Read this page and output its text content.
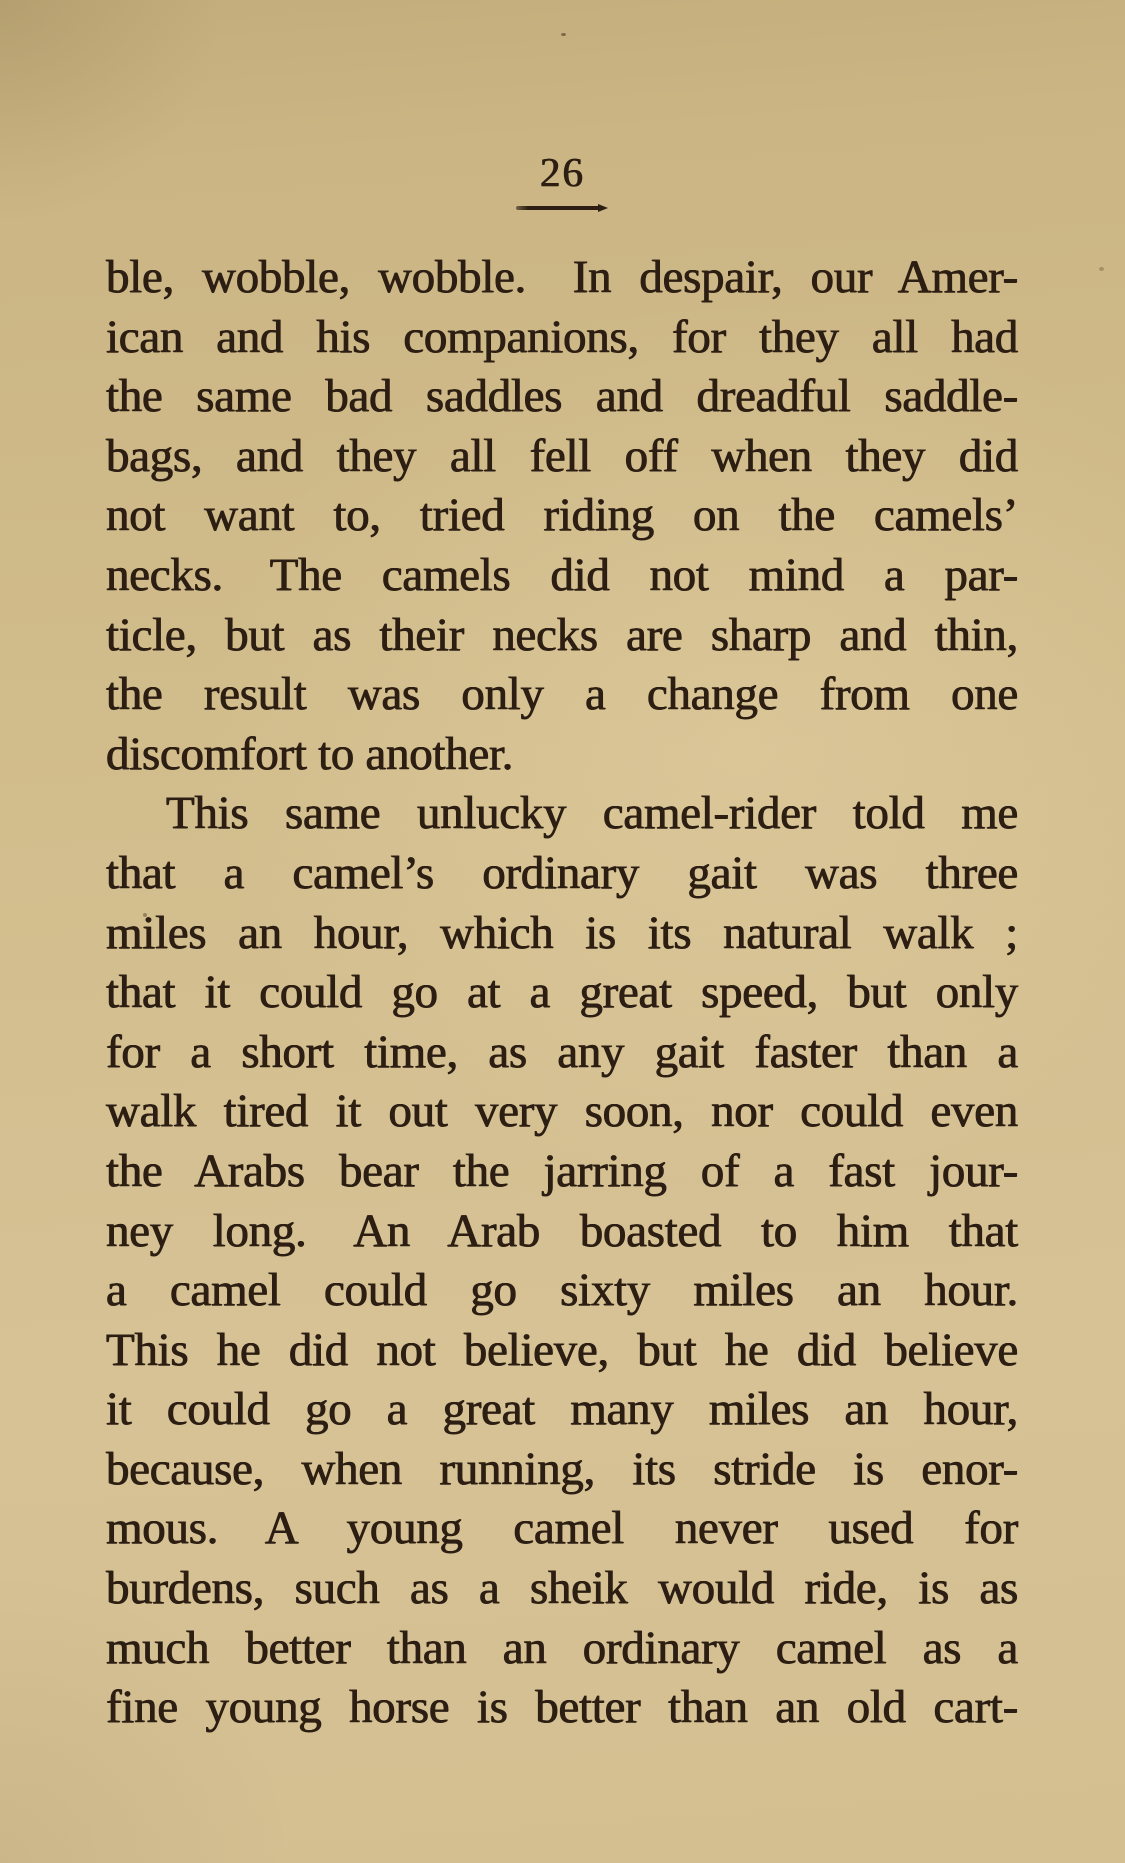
26
ble, wobble, wobble. In despair, our Amer-
ican and his companions, for they all had
the same bad saddles and dreadful saddle-
bags, and they all fell off when they did
not want to, tried riding on the camels’
necks. The camels did not mind a par-
ticle, but as their necks are sharp and thin,
the result was only a change from one
discomfort to another.
This same unlucky camel-rider told me
that a camel’s ordinary gait was three
miles an hour, which is its natural walk ;
that it could go at a great speed, but only
for a short time, as any gait faster than a
walk tired it out very soon, nor could even
the Arabs bear the jarring of a fast jour-
ney long. An Arab boasted to him that
a camel could go sixty miles an hour.
This he did not believe, but he did believe
it could go a great many miles an hour,
because, when running, its stride is enor-
mous. A young camel never used for
burdens, such as a sheik would ride, is as
much better than an ordinary camel as a
fine young horse is better than an old cart-
